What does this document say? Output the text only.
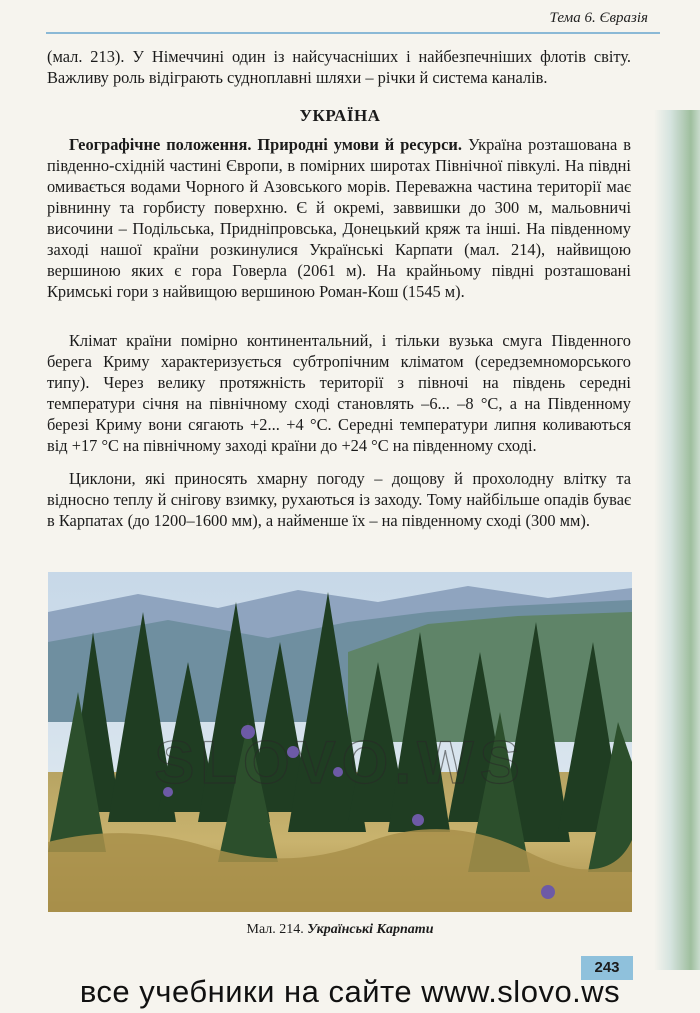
Тема 6. Євразія
(мал. 213). У Німеччині один із найсучасніших і найбезпечніших флотів світу. Важливу роль відіграють судноплавні шляхи – річки й система каналів.
УКРАЇНА
Географічне положення. Природні умови й ресурси. Україна розташована в південно-східній частині Європи, в помірних широтах Північної півкулі. На півдні омивається водами Чорного й Азовського морів. Переважна частина території має рівнинну та горбисту поверхню. Є й окремі, заввишки до 300 м, мальовничі височини – Подільська, Придніпровська, Донецький кряж та інші. На південному заході нашої країни розкинулися Українські Карпати (мал. 214), найвищою вершиною яких є гора Говерла (2061 м). На крайньому півдні розташовані Кримські гори з найвищою вершиною Роман-Кош (1545 м).
Клімат країни помірно континентальний, і тільки вузька смуга Південного берега Криму характеризується субтропічним кліматом (середземноморського типу). Через велику протяжність території з півночі на південь середні температури січня на північному сході становлять –6... –8 °С, а на Південному березі Криму вони сягають +2... +4 °С. Середні температури липня коливаються від +17 °С на північному заході країни до +24 °С на південному сході.
Циклони, які приносять хмарну погоду – дощову й прохолодну влітку та відносно теплу й снігову взимку, рухаються із заходу. Тому найбільше опадів буває в Карпатах (до 1200–1600 мм), а найменше їх – на південному сході (300 мм).
SLOVO.WS
Мал. 214. Українські Карпати
243
все учебники на сайте www.slovo.ws
